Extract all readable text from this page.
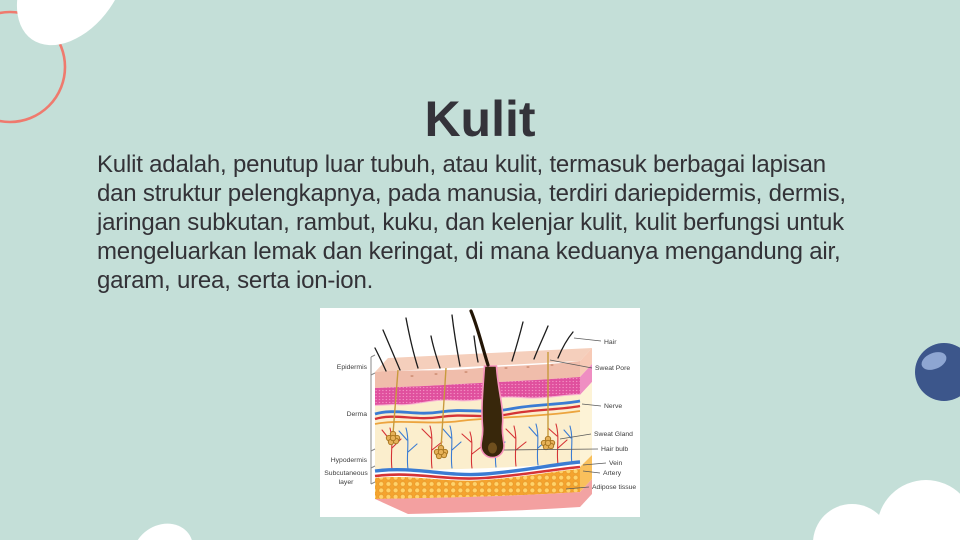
Kulit
Kulit adalah, penutup luar tubuh, atau kulit, termasuk berbagai lapisan
dan struktur pelengkapnya, pada manusia, terdiri dariepidermis, dermis,
jaringan subkutan, rambut, kuku, dan kelenjar kulit, kulit berfungsi untuk
mengeluarkan lemak dan keringat, di mana keduanya mengandung air,
garam, urea, serta ion-ion.
Epidermis
Derma
Hypodermis
Subcutaneous
layer
Hair
Sweat Pore
Nerve
Sweat Gland
Hair bulb
Vein
Artery
Adipose tissue
